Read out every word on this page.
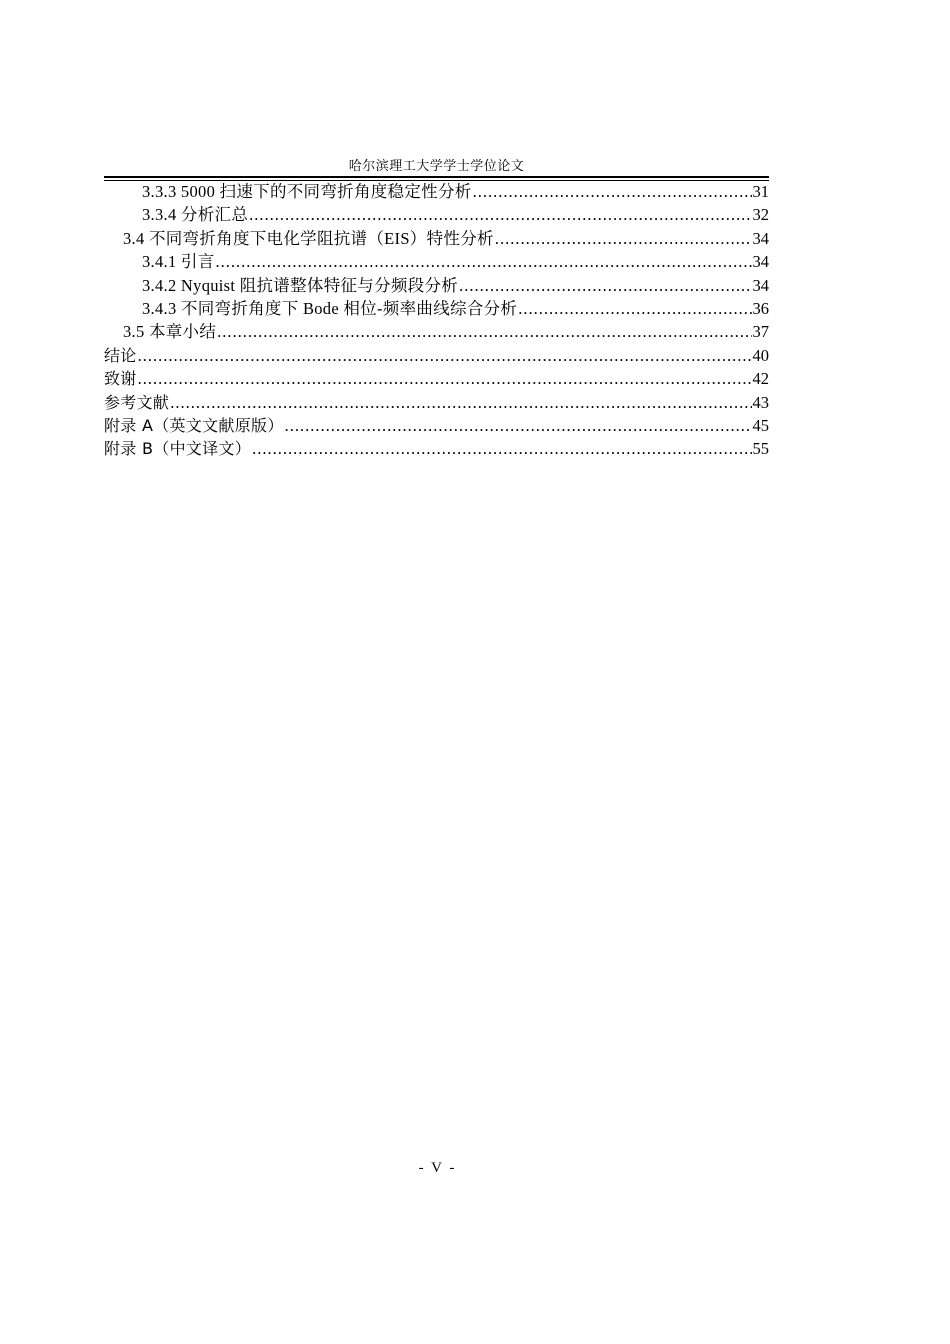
哈尔滨理工大学学士学位论文
3.3.3 5000 扫速下的不同弯折角度稳定性分析 .....	31
3.3.4 分析汇总 .....	32
3.4 不同弯折角度下电化学阻抗谱（EIS）特性分析 .....	34
3.4.1 引言 .....	34
3.4.2 Nyquist 阻抗谱整体特征与分频段分析 .....	34
3.4.3 不同弯折角度下 Bode 相位-频率曲线综合分析 .....	36
3.5 本章小结 .....	37
结论 .....	40
致谢 .....	42
参考文献 .....	43
附录 A（英文文献原版） .....	45
附录 B（中文译文） .....	55
- V -
